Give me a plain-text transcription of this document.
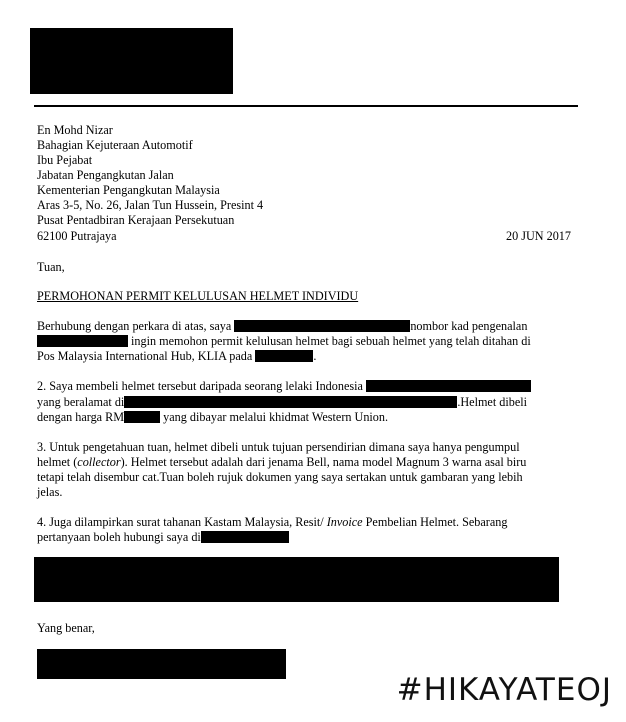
En Mohd Nizar
Bahagian Kejuteraan Automotif
Ibu Pejabat
Jabatan Pengangkutan Jalan
Kementerian Pengangkutan Malaysia
Aras 3-5, No. 26, Jalan Tun Hussein, Presint 4
Pusat Pentadbiran Kerajaan Persekutuan
62100 Putrajaya	20 JUN 2017
Tuan,
PERMOHONAN PERMIT KELULUSAN HELMET INDIVIDU
Berhubung dengan perkara di atas, saya	nombor kad pengenalan
ingin memohon permit kelulusan helmet bagi sebuah helmet yang telah ditahan di
Pos Malaysia International Hub, KLIA pada	.
2. Saya membeli helmet tersebut daripada seorang lelaki Indonesia
yang beralamat di	.Helmet dibeli
dengan harga RM	yang dibayar melalui khidmat Western Union.
3. Untuk pengetahuan tuan, helmet dibeli untuk tujuan persendirian dimana saya hanya pengumpul
helmet (collector). Helmet tersebut adalah dari jenama Bell, nama model Magnum 3 warna asal biru
tetapi telah disembur cat.Tuan boleh rujuk dokumen yang saya sertakan untuk gambaran yang lebih
jelas.
4. Juga dilampirkan surat tahanan Kastam Malaysia, Resit/ Invoice Pembelian Helmet. Sebarang
pertanyaan boleh hubungi saya di
Yang benar,
#HIKAYATEOJ
